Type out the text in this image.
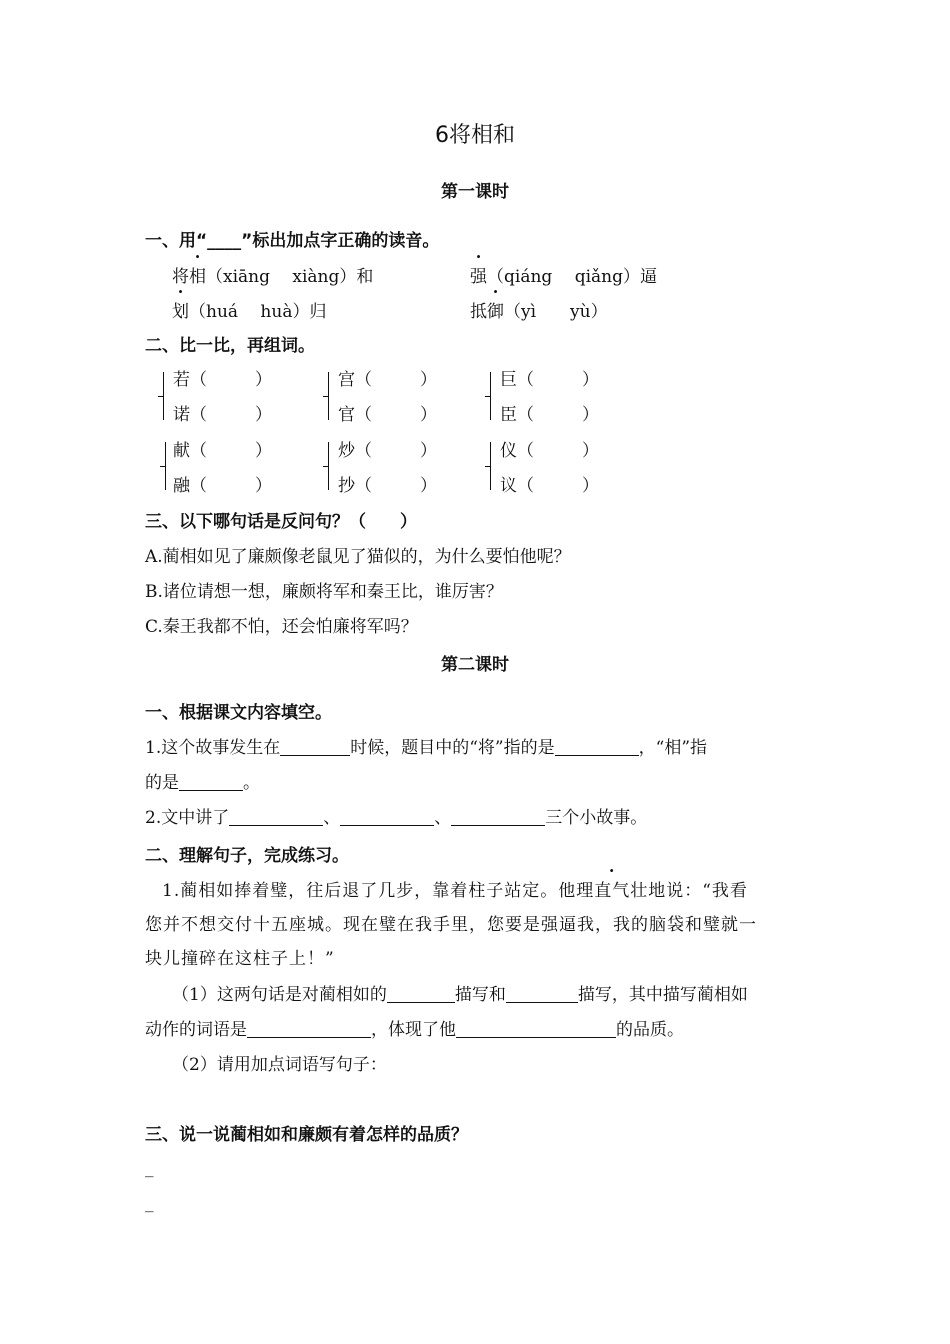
6将相和
第一课时
一、用“____”标出加点字正确的读音。
将相（xiāng　 xiàng）和	强（qiáng　 qiǎng）逼
划（huá　 huà）归	抵御（yì　　yù）
二、比一比，再组词。
若（	）
诺（	）
宫（	）
官（	）
巨（	）
臣（	）
献（	）
融（	）
炒（	）
抄（	）
仪（	）
议（	）
三、以下哪句话是反问句？（　　）
A.蔺相如见了廉颇像老鼠见了猫似的，为什么要怕他呢？
B.诸位请想一想，廉颇将军和秦王比，谁厉害？
C.秦王我都不怕，还会怕廉将军吗？
第二课时
一、根据课文内容填空。
1.这个故事发生在	时候，题目中的“将”指的是	，“相”指
的是	。
2.文中讲了	、	、	三个小故事。
二、理解句子，完成练习。
1.蔺相如捧着璧，往后退了几步，靠着柱子站定。他理直气壮地说：“我看
您并不想交付十五座城。现在璧在我手里，您要是强逼我，我的脑袋和璧就一
块儿撞碎在这柱子上！”
（1）这两句话是对蔺相如的	描写和	描写，其中描写蔺相如
动作的词语是	，体现了他	的品质。
（2）请用加点词语写句子：
三、说一说蔺相如和廉颇有着怎样的品质？
_
_
